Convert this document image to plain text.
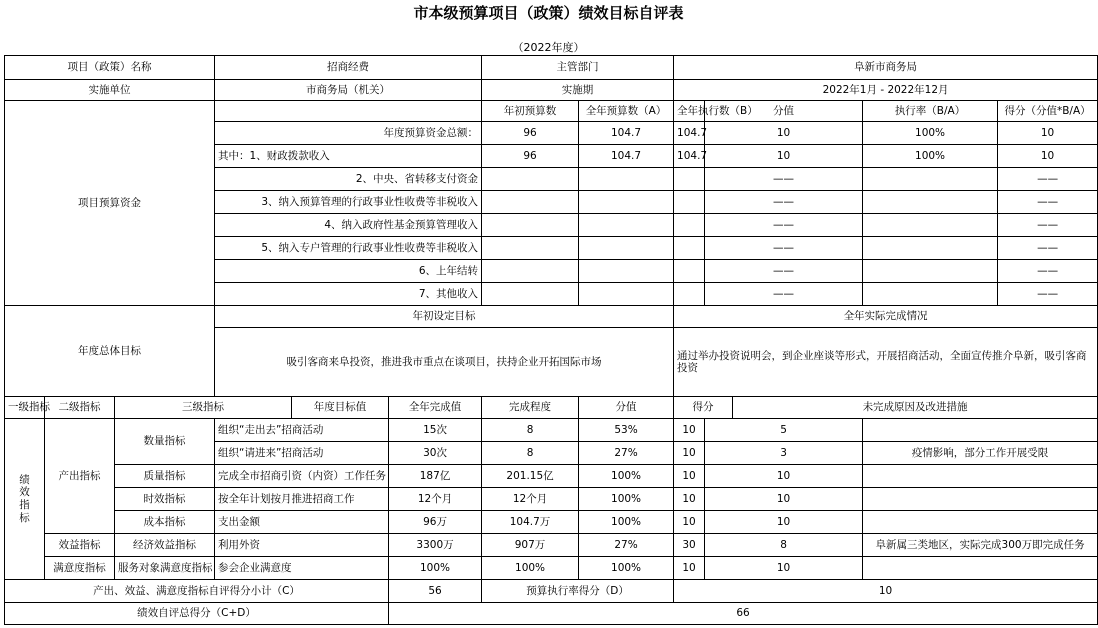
市本级预算项目（政策）绩效目标自评表
（2022年度）
项目（政策）名称			招商经费			主管部门		阜新市商务局				
实施单位			市商务局（机关）			实施期		2022年1月 - 2022年12月				
项目预算资金						年初预算数	全年预算数（A）	全年执行数（B）	分值		执行率（B/A）	得分（分值*B/A）
			年度预算资金总额：			96	104.7	104.7	10		100%	10
			其中：1、财政拨款收入			96	104.7	104.7	10		100%	10
			2、中央、省转移支付资金						——			——
			3、纳入预算管理的行政事业性收费等非税收入						——			——
			4、纳入政府性基金预算管理收入						——			——
			5、纳入专户管理的行政事业性收费等非税收入						——			——
			6、上年结转						——			——
			7、其他收入						——			——
年度总体目标			年初设定目标					全年实际完成情况				
			吸引客商来阜投资，推进我市重点在谈项目，扶持企业开拓国际市场					通过举办投资说明会，到企业座谈等形式，开展招商活动，全面宣传推介阜新，吸引客商投资				
一级指标	二级指标	三级指标		年度目标值	全年完成值	完成程度	分值	得分		未完成原因及改进措施		
绩效指标	产出指标	数量指标	组织“走出去”招商活动		15次	8	53%	10	5			
			组织“请进来”招商活动		30次	8	27%	10	3		疫情影响，部分工作开展受限	
		质量指标	完成全市招商引资（内资）工作任务		187亿	201.15亿	100%	10	10			
		时效指标	按全年计划按月推进招商工作		12个月	12个月	100%	10	10			
		成本指标	支出金额		96万	104.7万	100%	10	10			
	效益指标	经济效益指标	利用外资		3300万	907万	27%	30	8		阜新属三类地区，实际完成300万即完成任务	
	满意度指标	服务对象满意度指标	参会企业满意度		100%	100%	100%	10	10			
产出、效益、满意度指标自评得分小计（C）					56	预算执行率得分（D）		10				
绩效自评总得分（C+D）					66							
